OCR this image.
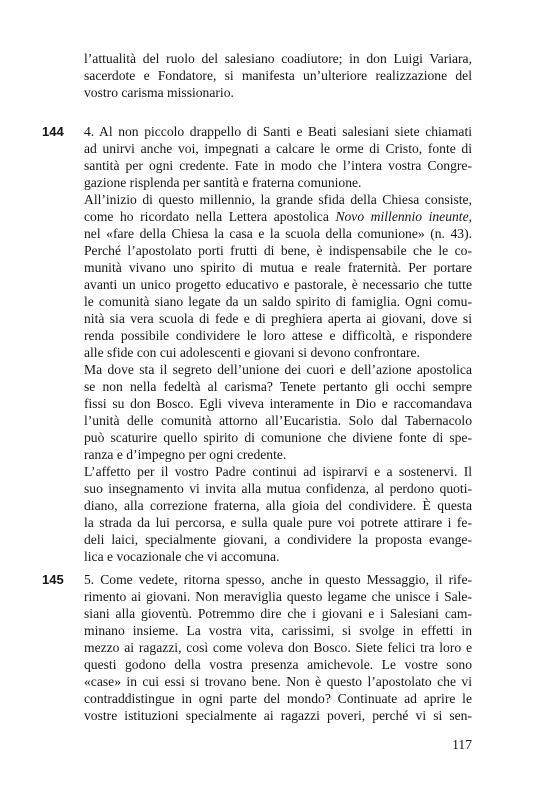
l’attualità del ruolo del salesiano coadiutore; in don Luigi Variara,
sacerdote e Fondatore, si manifesta un’ulteriore realizzazione del
vostro carisma missionario.
4. Al non piccolo drappello di Santi e Beati salesiani siete chiamati
ad unirvi anche voi, impegnati a calcare le orme di Cristo, fonte di
santità per ogni credente. Fate in modo che l’intera vostra Congre-
gazione risplenda per santità e fraterna comunione.
All’inizio di questo millennio, la grande sfida della Chiesa consiste,
come ho ricordato nella Lettera apostolica Novo millennio ineunte,
nel «fare della Chiesa la casa e la scuola della comunione» (n. 43).
Perché l’apostolato porti frutti di bene, è indispensabile che le co-
munità vivano uno spirito di mutua e reale fraternità. Per portare
avanti un unico progetto educativo e pastorale, è necessario che tutte
le comunità siano legate da un saldo spirito di famiglia. Ogni comu-
nità sia vera scuola di fede e di preghiera aperta ai giovani, dove si
renda possibile condividere le loro attese e difficoltà, e rispondere
alle sfide con cui adolescenti e giovani si devono confrontare.
Ma dove sta il segreto dell’unione dei cuori e dell’azione apostolica
se non nella fedeltà al carisma? Tenete pertanto gli occhi sempre
fissi su don Bosco. Egli viveva interamente in Dio e raccomandava
l’unità delle comunità attorno all’Eucaristia. Solo dal Tabernacolo
può scaturire quello spirito di comunione che diviene fonte di spe-
ranza e d’impegno per ogni credente.
L’affetto per il vostro Padre continui ad ispirarvi e a sostenervi. Il
suo insegnamento vi invita alla mutua confidenza, al perdono quoti-
diano, alla correzione fraterna, alla gioia del condividere. È questa
la strada da lui percorsa, e sulla quale pure voi potrete attirare i fe-
deli laici, specialmente giovani, a condividere la proposta evange-
lica e vocazionale che vi accomuna.
5. Come vedete, ritorna spesso, anche in questo Messaggio, il rife-
rimento ai giovani. Non meraviglia questo legame che unisce i Sale-
siani alla gioventù. Potremmo dire che i giovani e i Salesiani cam-
minano insieme. La vostra vita, carissimi, si svolge in effetti in
mezzo ai ragazzi, così come voleva don Bosco. Siete felici tra loro e
questi godono della vostra presenza amichevole. Le vostre sono
«case» in cui essi si trovano bene. Non è questo l’apostolato che vi
contraddistingue in ogni parte del mondo? Continuate ad aprire le
vostre istituzioni specialmente ai ragazzi poveri, perché vi si sen-
144
145
117
